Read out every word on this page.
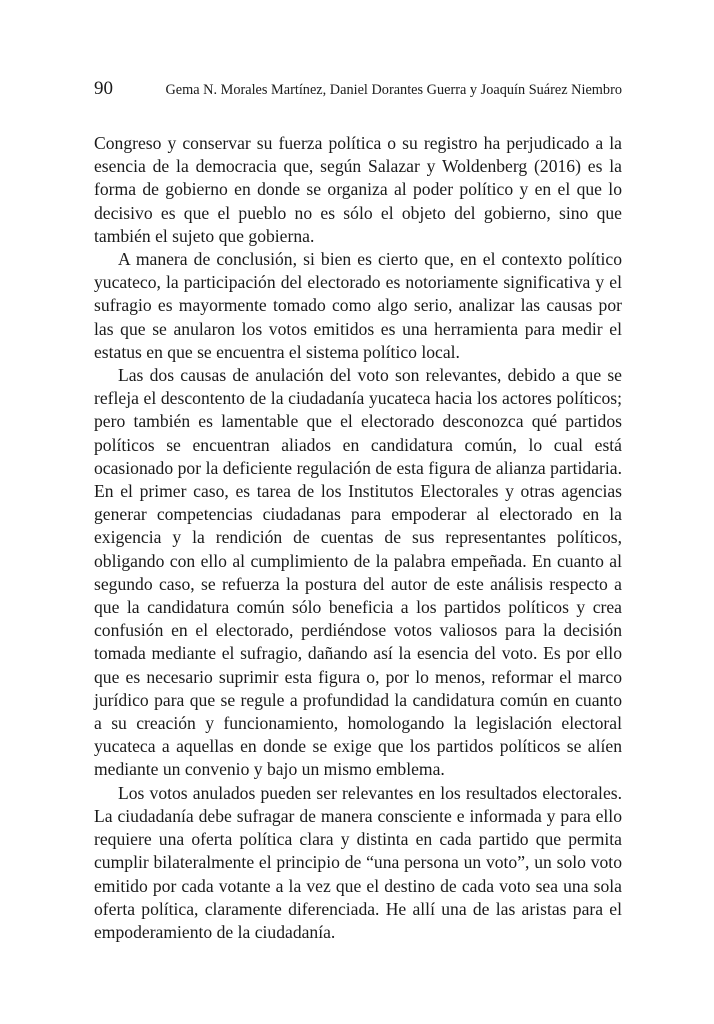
90	Gema N. Morales Martínez, Daniel Dorantes Guerra y Joaquín Suárez Niembro

Congreso y conservar su fuerza política o su registro ha perjudicado a la esencia de la democracia que, según Salazar y Woldenberg (2016) es la forma de gobierno en donde se organiza al poder político y en el que lo decisivo es que el pueblo no es sólo el objeto del gobierno, sino que también el sujeto que gobierna.

A manera de conclusión, si bien es cierto que, en el contexto político yucateco, la participación del electorado es notoriamente significativa y el sufragio es mayormente tomado como algo serio, analizar las causas por las que se anularon los votos emitidos es una herramienta para medir el estatus en que se encuentra el sistema político local.

Las dos causas de anulación del voto son relevantes, debido a que se refleja el descontento de la ciudadanía yucateca hacia los actores políticos; pero también es lamentable que el electorado desconozca qué partidos políticos se encuentran aliados en candidatura común, lo cual está ocasionado por la deficiente regulación de esta figura de alianza partidaria. En el primer caso, es tarea de los Institutos Electorales y otras agencias generar competencias ciudadanas para empoderar al electorado en la exigencia y la rendición de cuentas de sus representantes políticos, obligando con ello al cumplimiento de la palabra empeñada. En cuanto al segundo caso, se refuerza la postura del autor de este análisis respecto a que la candidatura común sólo beneficia a los partidos políticos y crea confusión en el electorado, perdiéndose votos valiosos para la decisión tomada mediante el sufragio, dañando así la esencia del voto. Es por ello que es necesario suprimir esta figura o, por lo menos, reformar el marco jurídico para que se regule a profundidad la candidatura común en cuanto a su creación y funcionamiento, homologando la legislación electoral yucateca a aquellas en donde se exige que los partidos políticos se alíen mediante un convenio y bajo un mismo emblema.

Los votos anulados pueden ser relevantes en los resultados electorales. La ciudadanía debe sufragar de manera consciente e informada y para ello requiere una oferta política clara y distinta en cada partido que permita cumplir bilateralmente el principio de “una persona un voto”, un solo voto emitido por cada votante a la vez que el destino de cada voto sea una sola oferta política, claramente diferenciada. He allí una de las aristas para el empoderamiento de la ciudadanía.
